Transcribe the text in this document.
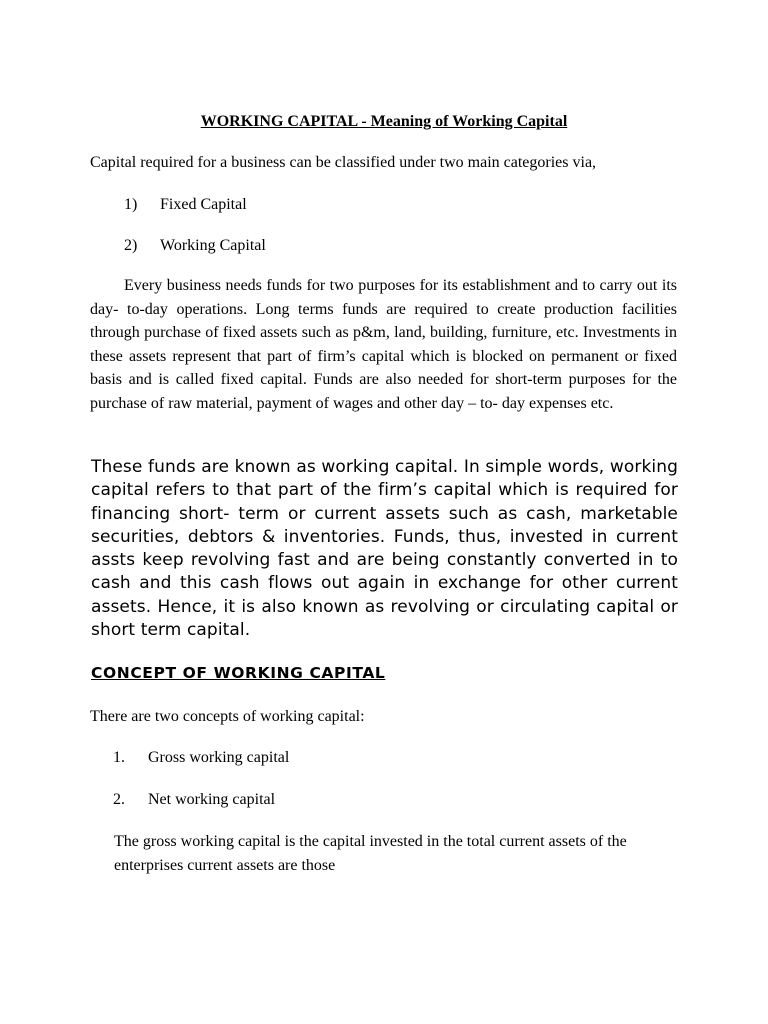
WORKING CAPITAL - Meaning of Working Capital
Capital required for a business can be classified under two main categories via,
1) Fixed Capital
2) Working Capital
Every business needs funds for two purposes for its establishment and to carry out its day- to-day operations. Long terms funds are required to create production facilities through purchase of fixed assets such as p&m, land, building, furniture, etc. Investments in these assets represent that part of firm’s capital which is blocked on permanent or fixed basis and is called fixed capital. Funds are also needed for short-term purposes for the purchase of raw material, payment of wages and other day – to- day expenses etc.
These funds are known as working capital. In simple words, working capital refers to that part of the firm’s capital which is required for financing short- term or current assets such as cash, marketable securities, debtors & inventories. Funds, thus, invested in current assts keep revolving fast and are being constantly converted in to cash and this cash flows out again in exchange for other current assets. Hence, it is also known as revolving or circulating capital or short term capital.
CONCEPT OF WORKING CAPITAL
There are two concepts of working capital:
1. Gross working capital
2. Net working capital
The gross working capital is the capital invested in the total current assets of the enterprises current assets are those
